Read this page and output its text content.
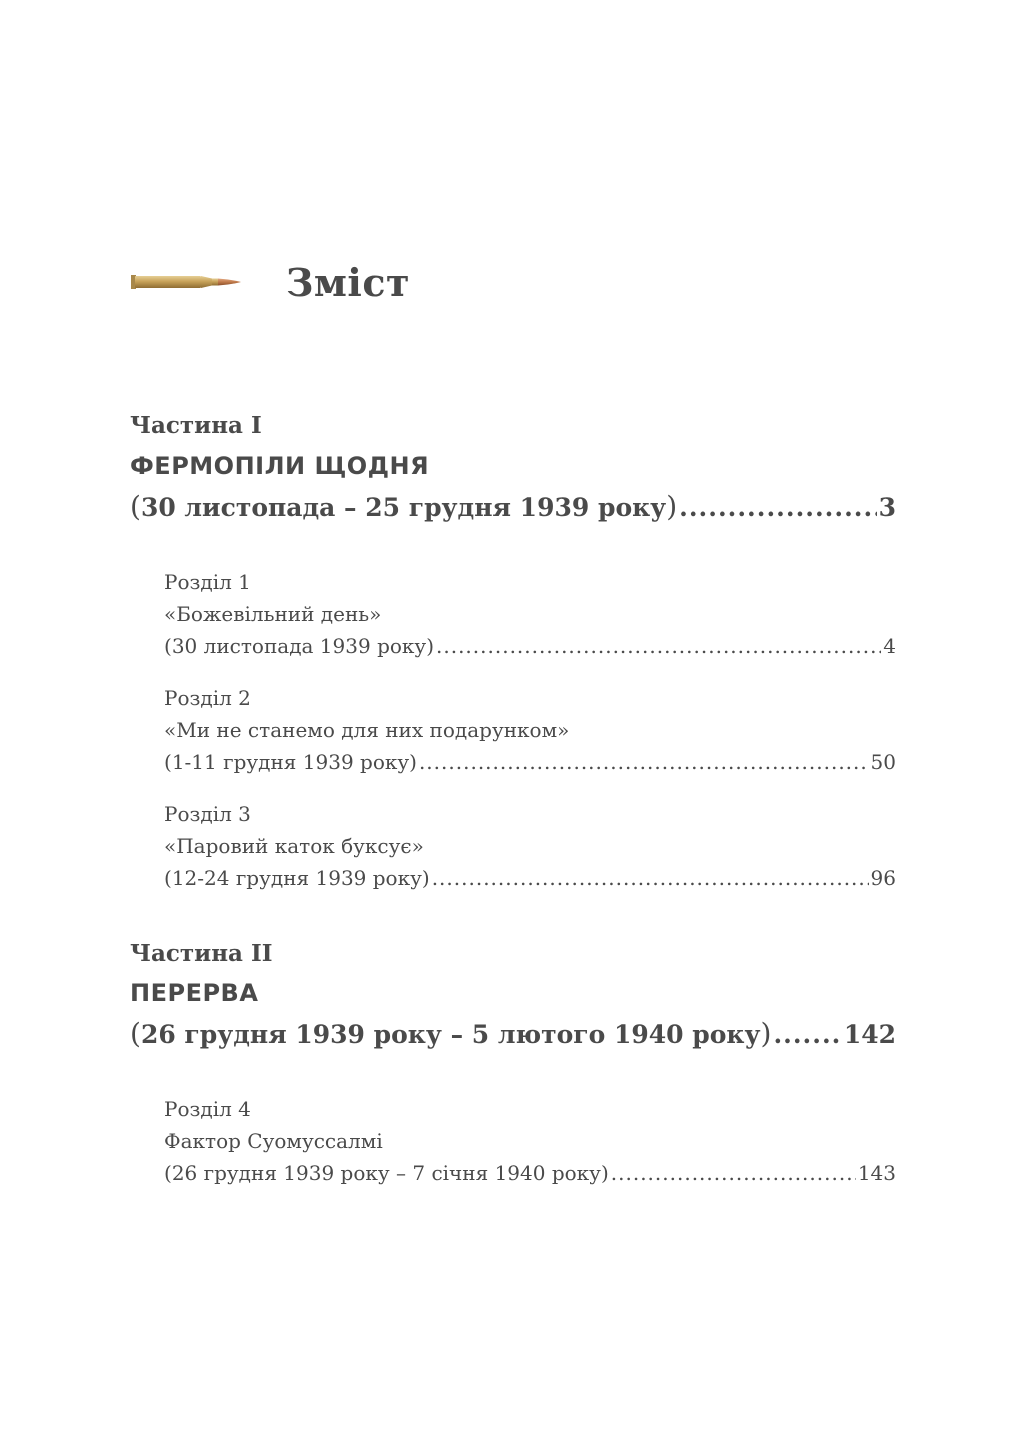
Зміст
Частина I
ФЕРМОПІЛИ ЩОДНЯ
( 30 листопада – 25 грудня 1939 року ) .....	3
Розділ 1
«Божевільний день»
( 30 листопада 1939 року ) .....	4
Розділ 2
«Ми не станемо для них подарунком»
( 1-11 грудня 1939 року ) .....	50
Розділ 3
«Паровий каток буксує»
( 12-24 грудня 1939 року ) .....	96
Частина II
ПЕРЕРВА
( 26 грудня 1939 року – 5 лютого 1940 року ) .....	142
Розділ 4
Фактор Суомуссалмі
( 26 грудня 1939 року – 7 січня 1940 року ) .....	143
